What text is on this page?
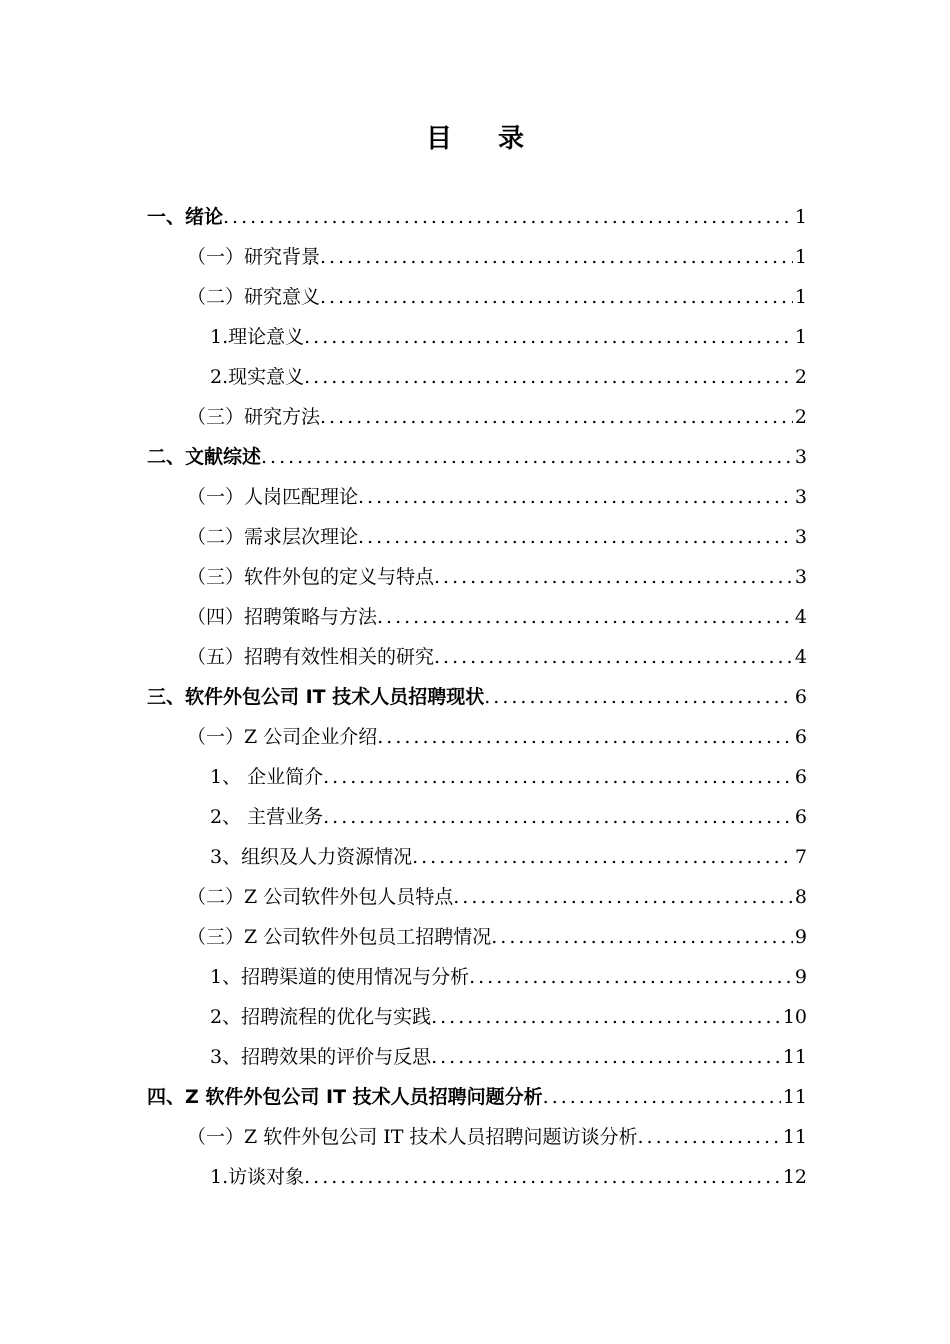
目 录
一、绪论 .....	1
（一）研究背景 .....	1
（二）研究意义 .....	1
1.理论意义 .....	1
2.现实意义 .....	2
（三）研究方法 .....	2
二、文献综述 .....	3
（一）人岗匹配理论 .....	3
（二）需求层次理论 .....	3
（三）软件外包的定义与特点 .....	3
（四）招聘策略与方法 .....	4
（五）招聘有效性相关的研究 .....	4
三、软件外包公司 IT 技术人员招聘现状 .....	6
（一）Z 公司企业介绍 .....	6
1、 企业简介 .....	6
2、 主营业务 .....	6
3、组织及人力资源情况 .....	7
（二）Z 公司软件外包人员特点 .....	8
（三）Z 公司软件外包员工招聘情况 .....	9
1、招聘渠道的使用情况与分析 .....	9
2、招聘流程的优化与实践 .....	10
3、招聘效果的评价与反思 .....	11
四、Z 软件外包公司 IT 技术人员招聘问题分析 .....	11
（一）Z 软件外包公司 IT 技术人员招聘问题访谈分析 .....	11
1.访谈对象 .....	12
